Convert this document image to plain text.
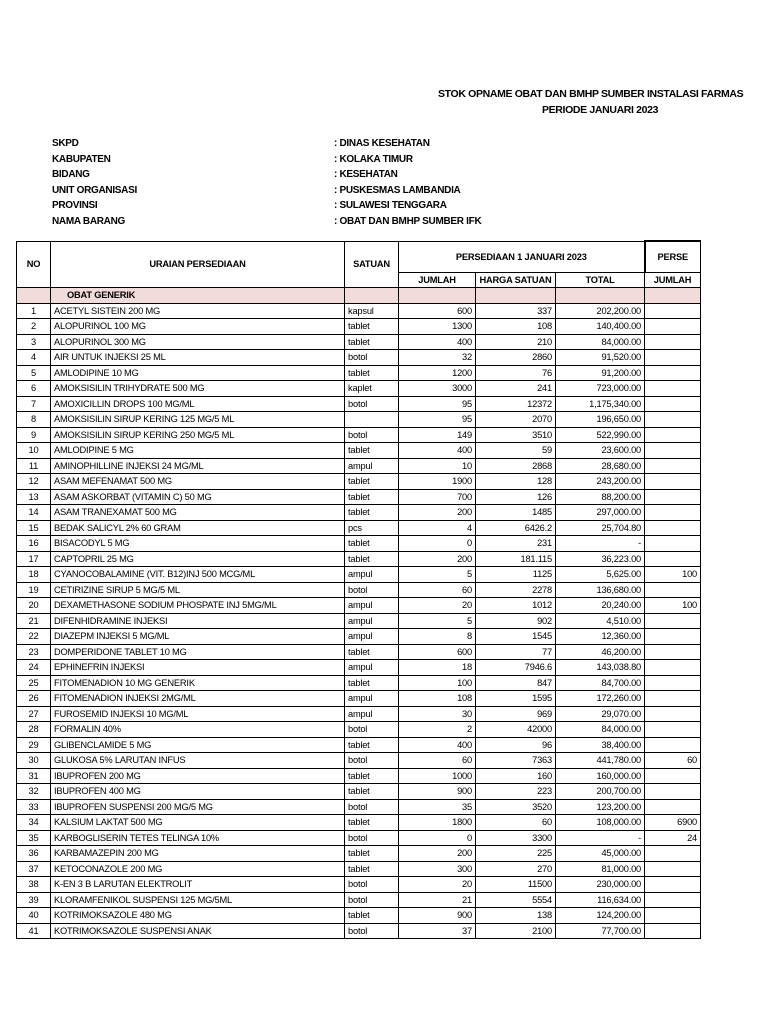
STOK OPNAME OBAT DAN BMHP SUMBER INSTALASI FARMAS
PERIODE JANUARI 2023
SKPD	: DINAS KESEHATAN
KABUPATEN	: KOLAKA TIMUR
BIDANG	: KESEHATAN
UNIT ORGANISASI	: PUSKESMAS LAMBANDIA
PROVINSI	: SULAWESI TENGGARA
NAMA BARANG	: OBAT DAN BMHP SUMBER IFK
NO	URAIAN PERSEDIAAN	SATUAN	PERSEDIAAN 1 JANUARI 2023			PERSE
			JUMLAH	HARGA SATUAN	TOTAL	JUMLAH
	OBAT GENERIK					
1	ACETYL SISTEIN 200 MG	kapsul	600	337	202,200.00	
2	ALOPURINOL 100 MG	tablet	1300	108	140,400.00	
3	ALOPURINOL 300 MG	tablet	400	210	84,000.00	
4	AIR UNTUK INJEKSI 25 ML	botol	32	2860	91,520.00	
5	AMLODIPINE 10 MG	tablet	1200	76	91,200.00	
6	AMOKSISILIN TRIHYDRATE 500 MG	kaplet	3000	241	723,000.00	
7	AMOXICILLIN DROPS 100 MG/ML	botol	95	12372	1,175,340.00	
8	AMOKSISILIN SIRUP KERING 125 MG/5 ML		95	2070	196,650.00	
9	AMOKSISILIN SIRUP KERING 250 MG/5 ML	botol	149	3510	522,990.00	
10	AMLODIPINE 5 MG	tablet	400	59	23,600.00	
11	AMINOPHILLINE INJEKSI 24 MG/ML	ampul	10	2868	28,680.00	
12	ASAM MEFENAMAT 500 MG	tablet	1900	128	243,200.00	
13	ASAM ASKORBAT (VITAMIN C) 50 MG	tablet	700	126	88,200.00	
14	ASAM TRANEXAMAT 500 MG	tablet	200	1485	297,000.00	
15	BEDAK SALICYL 2% 60 GRAM	pcs	4	6426.2	25,704.80	
16	BISACODYL 5 MG	tablet	0	231	-	
17	CAPTOPRIL 25 MG	tablet	200	181.115	36,223.00	
18	CYANOCOBALAMINE (VIT. B12)INJ 500 MCG/ML	ampul	5	1125	5,625.00	100
19	CETIRIZINE SIRUP 5 MG/5 ML	botol	60	2278	136,680.00	
20	DEXAMETHASONE SODIUM PHOSPATE INJ 5MG/ML	ampul	20	1012	20,240.00	100
21	DIFENHIDRAMINE INJEKSI	ampul	5	902	4,510.00	
22	DIAZEPM INJEKSI 5 MG/ML	ampul	8	1545	12,360.00	
23	DOMPERIDONE TABLET 10 MG	tablet	600	77	46,200.00	
24	EPHINEFRIN INJEKSI	ampul	18	7946.6	143,038.80	
25	FITOMENADION 10 MG GENERIK	tablet	100	847	84,700.00	
26	FITOMENADION INJEKSI 2MG/ML	ampul	108	1595	172,260.00	
27	FUROSEMID INJEKSI 10 MG/ML	ampul	30	969	29,070.00	
28	FORMALIN 40%	botol	2	42000	84,000.00	
29	GLIBENCLAMIDE 5 MG	tablet	400	96	38,400.00	
30	GLUKOSA 5% LARUTAN INFUS	botol	60	7363	441,780.00	60
31	IBUPROFEN 200 MG	tablet	1000	160	160,000.00	
32	IBUPROFEN 400 MG	tablet	900	223	200,700.00	
33	IBUPROFEN SUSPENSI 200 MG/5 MG	botol	35	3520	123,200.00	
34	KALSIUM LAKTAT 500 MG	tablet	1800	60	108,000.00	6900
35	KARBOGLISERIN TETES TELINGA 10%	botol	0	3300	-	24
36	KARBAMAZEPIN 200 MG	tablet	200	225	45,000.00	
37	KETOCONAZOLE 200 MG	tablet	300	270	81,000.00	
38	K-EN 3 B LARUTAN ELEKTROLIT	botol	20	11500	230,000.00	
39	KLORAMFENIKOL SUSPENSI 125 MG/5ML	botol	21	5554	116,634.00	
40	KOTRIMOKSAZOLE 480 MG	tablet	900	138	124,200.00	
41	KOTRIMOKSAZOLE SUSPENSI ANAK	botol	37	2100	77,700.00	
